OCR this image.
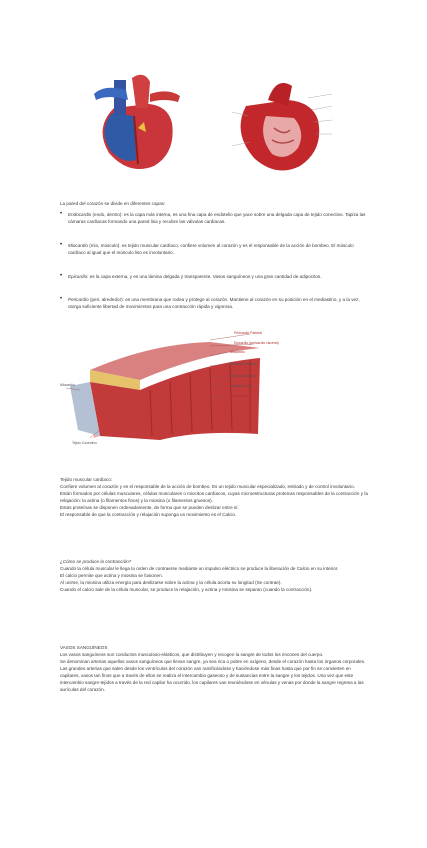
La pared del corazón se divide en diferentes capas:
• Endocardio (endo, dentro): es la capa más interna, es una fina capa de endotelio que yace sobre una delgada capa de tejido conectivo. Tapiza las cámaras cardíacas formando una pared lisa y recubre las válvulas cardíacas.
• Miocardio (mio, músculo): es tejido muscular cardíaco, confiere volumen al corazón y es el responsable de la acción de bombeo. El músculo cardíaco al igual que el músculo liso es involuntario.
• Epicardio: es la capa externa, y es una lámina delgada y transparente. Vasos sanguíneos y una gran cantidad de adipocitos.
• Pericardio (peri, alrededor): es una membrana que rodea y protege al corazón. Mantiene al corazón en su posición en el mediastino, y a la vez, otorga suficiente libertad de movimientos para una contracción rápida y vigorosa.
Pericardio Parietal
Epicardio (pericardio visceral)
Miocardio
Músculo Cardíaco
Tejido Conectivo
Endotelio Liso
Endocardio
Tejido Conectivo
Miocardio

Tejido muscular cardíaco:

Confiere volumen al corazón y es el responsable de la acción de bombeo. Es un tejido muscular especializado, estriado y de control involuntario.

Están formados por células musculares, células musculares o miocitos cardíacos, cuyas microestructuras proteicas responsables de la contracción y la relajación: la actina (o filamentos finos) y la miosina (o filamentos gruesos).

Estas proteínas se disponen ordenadamente, de forma que se pueden deslizar entre sí.

El responsable de que la contracción y relajación suponga un movimiento es el Calcio.

¿Cómo se produce la contracción?

Cuando la célula muscular le llega la orden de contraerse mediante un impulso eléctrico se produce la liberación de Calcio en su interior.

El calcio permite que actina y miosina se fusionen.

Al unirse, la miosina utiliza energía para deslizarse sobre la actina y la célula acorta su longitud (Se contrae).

Cuando el calcio sale de la célula muscular, se produce la relajación, y actina y miosina se separan (cuando la contracción).

VASOS SANGUÍNEOS

Los vasos sanguíneos son conductos musculoso-elásticos, que distribuyen y recogen la sangre de todos los rincones del cuerpo.

Se denominan arterias aquellos vasos sanguíneos que llevan sangre, ya sea rica o pobre en oxígeno, desde el corazón hasta los órganos corporales. Las grandes arterias que salen desde los ventrículos del corazón van ramificándose y haciéndose más finas hasta que por fin se convierten en capilares, vasos tan finos que a través de ellos se realiza el intercambio gaseoso y de sustancias entre la sangre y los tejidos. Una vez que este intercambio sangre-tejidos a través de la red capilar ha ocurrido, los capilares van reuniéndose en vénulas y venas por donde la sangre regresa a las aurículas del corazón.
